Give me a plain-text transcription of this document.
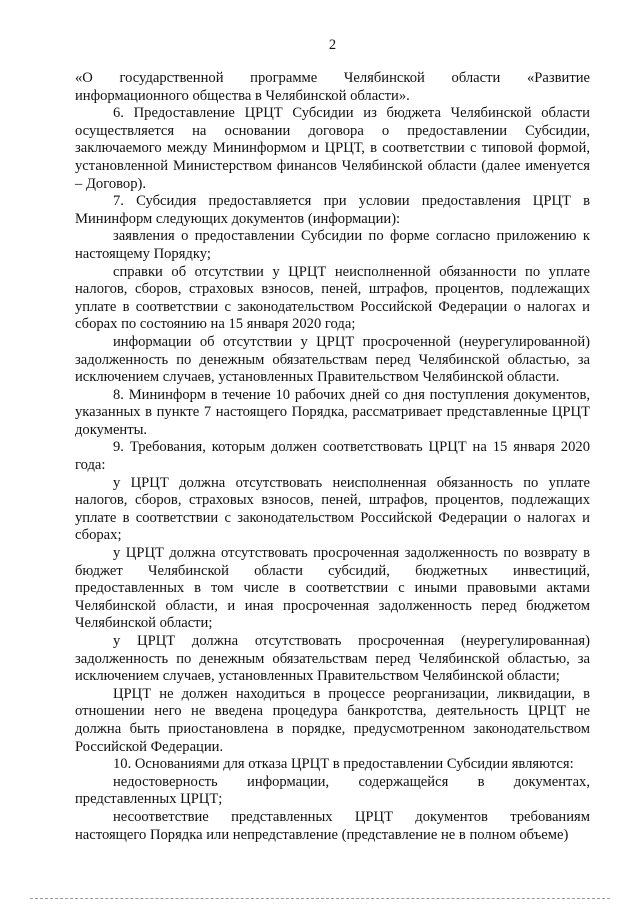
2

«О государственной программе Челябинской области «Развитие информационного общества в Челябинской области».

6. Предоставление ЦРЦТ Субсидии из бюджета Челябинской области осуществляется на основании договора о предоставлении Субсидии, заключаемого между Мининформом и ЦРЦТ, в соответствии с типовой формой, установленной Министерством финансов Челябинской области (далее именуется – Договор).

7. Субсидия предоставляется при условии предоставления ЦРЦТ в Мининформ следующих документов (информации):

заявления о предоставлении Субсидии по форме согласно приложению к настоящему Порядку;

справки об отсутствии у ЦРЦТ неисполненной обязанности по уплате налогов, сборов, страховых взносов, пеней, штрафов, процентов, подлежащих уплате в соответствии с законодательством Российской Федерации о налогах и сборах по состоянию на 15 января 2020 года;

информации об отсутствии у ЦРЦТ просроченной (неурегулированной) задолженность по денежным обязательствам перед Челябинской областью, за исключением случаев, установленных Правительством Челябинской области.

8. Мининформ в течение 10 рабочих дней со дня поступления документов, указанных в пункте 7 настоящего Порядка, рассматривает представленные ЦРЦТ документы.

9. Требования, которым должен соответствовать ЦРЦТ на 15 января 2020 года:

у ЦРЦТ должна отсутствовать неисполненная обязанность по уплате налогов, сборов, страховых взносов, пеней, штрафов, процентов, подлежащих уплате в соответствии с законодательством Российской Федерации о налогах и сборах;

у ЦРЦТ должна отсутствовать просроченная задолженность по возврату в бюджет Челябинской области субсидий, бюджетных инвестиций, предоставленных в том числе в соответствии с иными правовыми актами Челябинской области, и иная просроченная задолженность перед бюджетом Челябинской области;

у ЦРЦТ должна отсутствовать просроченная (неурегулированная) задолженность по денежным обязательствам перед Челябинской областью, за исключением случаев, установленных Правительством Челябинской области;

ЦРЦТ не должен находиться в процессе реорганизации, ликвидации, в отношении него не введена процедура банкротства, деятельность ЦРЦТ не должна быть приостановлена в порядке, предусмотренном законодательством Российской Федерации.

10. Основаниями для отказа ЦРЦТ в предоставлении Субсидии являются:

недостоверность информации, содержащейся в документах, представленных ЦРЦТ;

несоответствие представленных ЦРЦТ документов требованиям настоящего Порядка или непредставление (представление не в полном объеме)
